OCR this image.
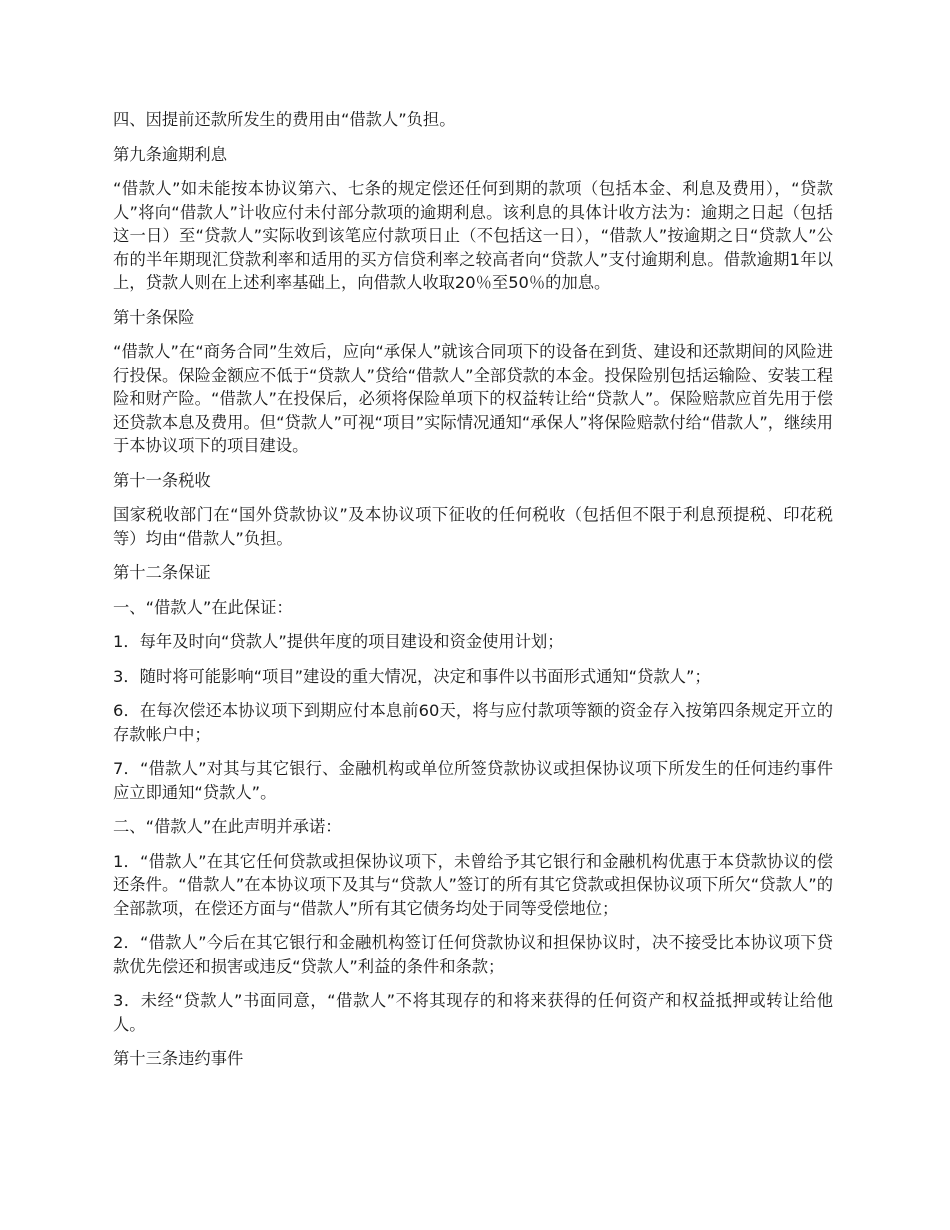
四、因提前还款所发生的费用由“借款人”负担。

第九条逾期利息

“借款人”如未能按本协议第六、七条的规定偿还任何到期的款项（包括本金、利息及费用），“贷款人”将向“借款人”计收应付未付部分款项的逾期利息。该利息的具体计收方法为：逾期之日起（包括这一日）至“贷款人”实际收到该笔应付款项日止（不包括这一日），“借款人”按逾期之日“贷款人”公布的半年期现汇贷款利率和适用的买方信贷利率之较高者向“贷款人”支付逾期利息。借款逾期1年以上，贷款人则在上述利率基础上，向借款人收取20％至50％的加息。

第十条保险

“借款人”在“商务合同”生效后，应向“承保人”就该合同项下的设备在到货、建设和还款期间的风险进行投保。保险金额应不低于“贷款人”贷给“借款人”全部贷款的本金。投保险别包括运输险、安装工程险和财产险。“借款人”在投保后，必须将保险单项下的权益转让给“贷款人”。保险赔款应首先用于偿还贷款本息及费用。但“贷款人”可视“项目”实际情况通知“承保人”将保险赔款付给“借款人”，继续用于本协议项下的项目建设。

第十一条税收

国家税收部门在“国外贷款协议”及本协议项下征收的任何税收（包括但不限于利息预提税、印花税等）均由“借款人”负担。

第十二条保证

一、“借款人”在此保证：

1．每年及时向“贷款人”提供年度的项目建设和资金使用计划；

3．随时将可能影响“项目”建设的重大情况，决定和事件以书面形式通知“贷款人”；

6．在每次偿还本协议项下到期应付本息前60天，将与应付款项等额的资金存入按第四条规定开立的存款帐户中；

7．“借款人”对其与其它银行、金融机构或单位所签贷款协议或担保协议项下所发生的任何违约事件应立即通知“贷款人”。

二、“借款人”在此声明并承诺：

1．“借款人”在其它任何贷款或担保协议项下，未曾给予其它银行和金融机构优惠于本贷款协议的偿还条件。“借款人”在本协议项下及其与“贷款人”签订的所有其它贷款或担保协议项下所欠“贷款人”的全部款项，在偿还方面与“借款人”所有其它债务均处于同等受偿地位；

2．“借款人”今后在其它银行和金融机构签订任何贷款协议和担保协议时，决不接受比本协议项下贷款优先偿还和损害或违反“贷款人”利益的条件和条款；

3．未经“贷款人”书面同意，“借款人”不将其现存的和将来获得的任何资产和权益抵押或转让给他人。

第十三条违约事件
